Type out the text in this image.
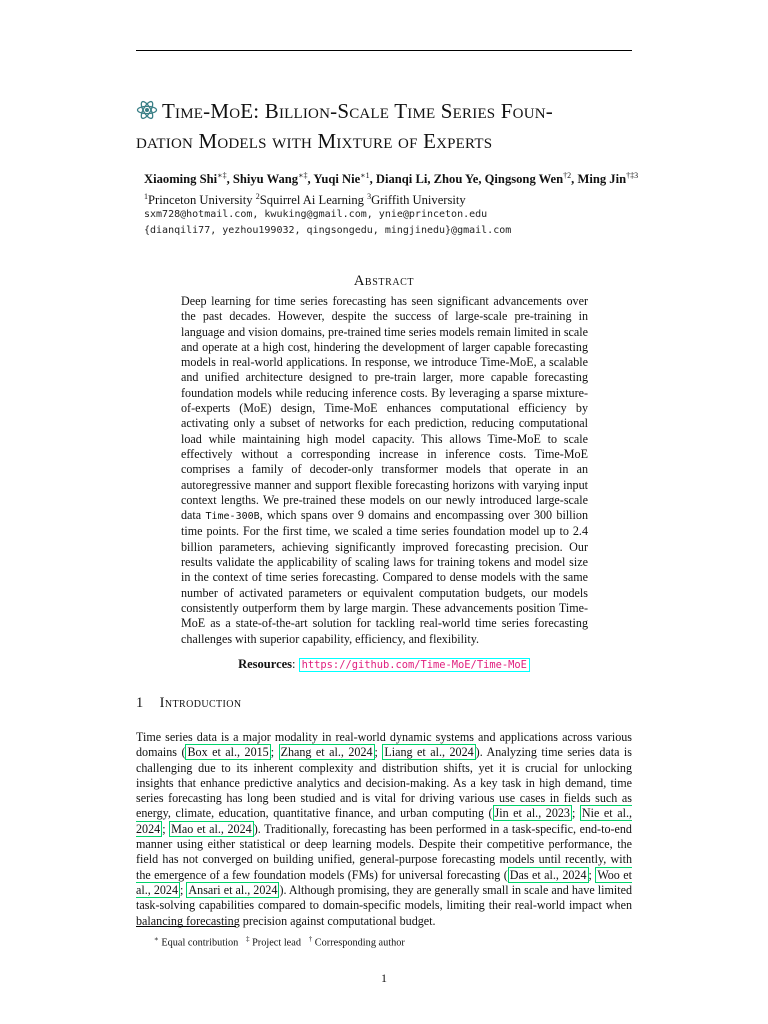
Time-MoE: Billion-Scale Time Series Foun-
dation Models with Mixture of Experts
Xiaoming Shi∗‡, Shiyu Wang∗‡, Yuqi Nie$^{∗1}$, Dianqi Li, Zhou Ye, Qingsong Wen$^{\dagger 2}$, Ming Jin$^{\dagger\ddagger 3}$
$^1$Princeton University $^2$Squirrel Ai Learning $^3$Griffith University
sxm728@hotmail.com, kwuking@gmail.com, ynie@princeton.edu
{dianqili77, yezhou199032, qingsongedu, mingjinedu}@gmail.com
Abstract
Deep learning for time series forecasting has seen significant advancements over the past decades. However, despite the success of large-scale pre-training in language and vision domains, pre-trained time series models remain limited in scale and operate at a high cost, hindering the development of larger capable forecasting models in real-world applications. In response, we introduce Time-MoE, a scalable and unified architecture designed to pre-train larger, more capable forecasting foundation models while reducing inference costs. By leveraging a sparse mixture-of-experts (MoE) design, Time-MoE enhances computational efficiency by activating only a subset of networks for each prediction, reducing computational load while maintaining high model capacity. This allows Time-MoE to scale effectively without a corresponding increase in inference costs. Time-MoE comprises a family of decoder-only transformer models that operate in an autoregressive manner and support flexible forecasting horizons with varying input context lengths. We pre-trained these models on our newly introduced large-scale data Time-300B, which spans over 9 domains and encompassing over 300 billion time points. For the first time, we scaled a time series foundation model up to 2.4 billion parameters, achieving significantly improved forecasting precision. Our results validate the applicability of scaling laws for training tokens and model size in the context of time series forecasting. Compared to dense models with the same number of activated parameters or equivalent computation budgets, our models consistently outperform them by large margin. These advancements position Time-MoE as a state-of-the-art solution for tackling real-world time series forecasting challenges with superior capability, efficiency, and flexibility.
Resources: https://github.com/Time-MoE/Time-MoE
1 Introduction
Time series data is a major modality in real-world dynamic systems and applications across various domains ( Box et al., 2015 ; Zhang et al., 2024 ; Liang et al., 2024 ). Analyzing time series data is challenging due to its inherent complexity and distribution shifts, yet it is crucial for unlocking insights that enhance predictive analytics and decision-making. As a key task in high demand, time series forecasting has long been studied and is vital for driving various use cases in fields such as energy, climate, education, quantitative finance, and urban computing ( Jin et al., 2023 ; Nie et al., 2024 ; Mao et al., 2024 ). Traditionally, forecasting has been performed in a task-specific, end-to-end manner using either statistical or deep learning models. Despite their competitive performance, the field has not converged on building unified, general-purpose forecasting models until recently, with the emergence of a few foundation models (FMs) for universal forecasting ( Das et al., 2024 ; Woo et al., 2024 ; Ansari et al., 2024 ). Although promising, they are generally small in scale and have limited task-solving capabilities compared to domain-specific models, limiting their real-world impact when balancing forecasting precision against computational budget.
∗ Equal contribution   ‡ Project lead   † Corresponding author
1
